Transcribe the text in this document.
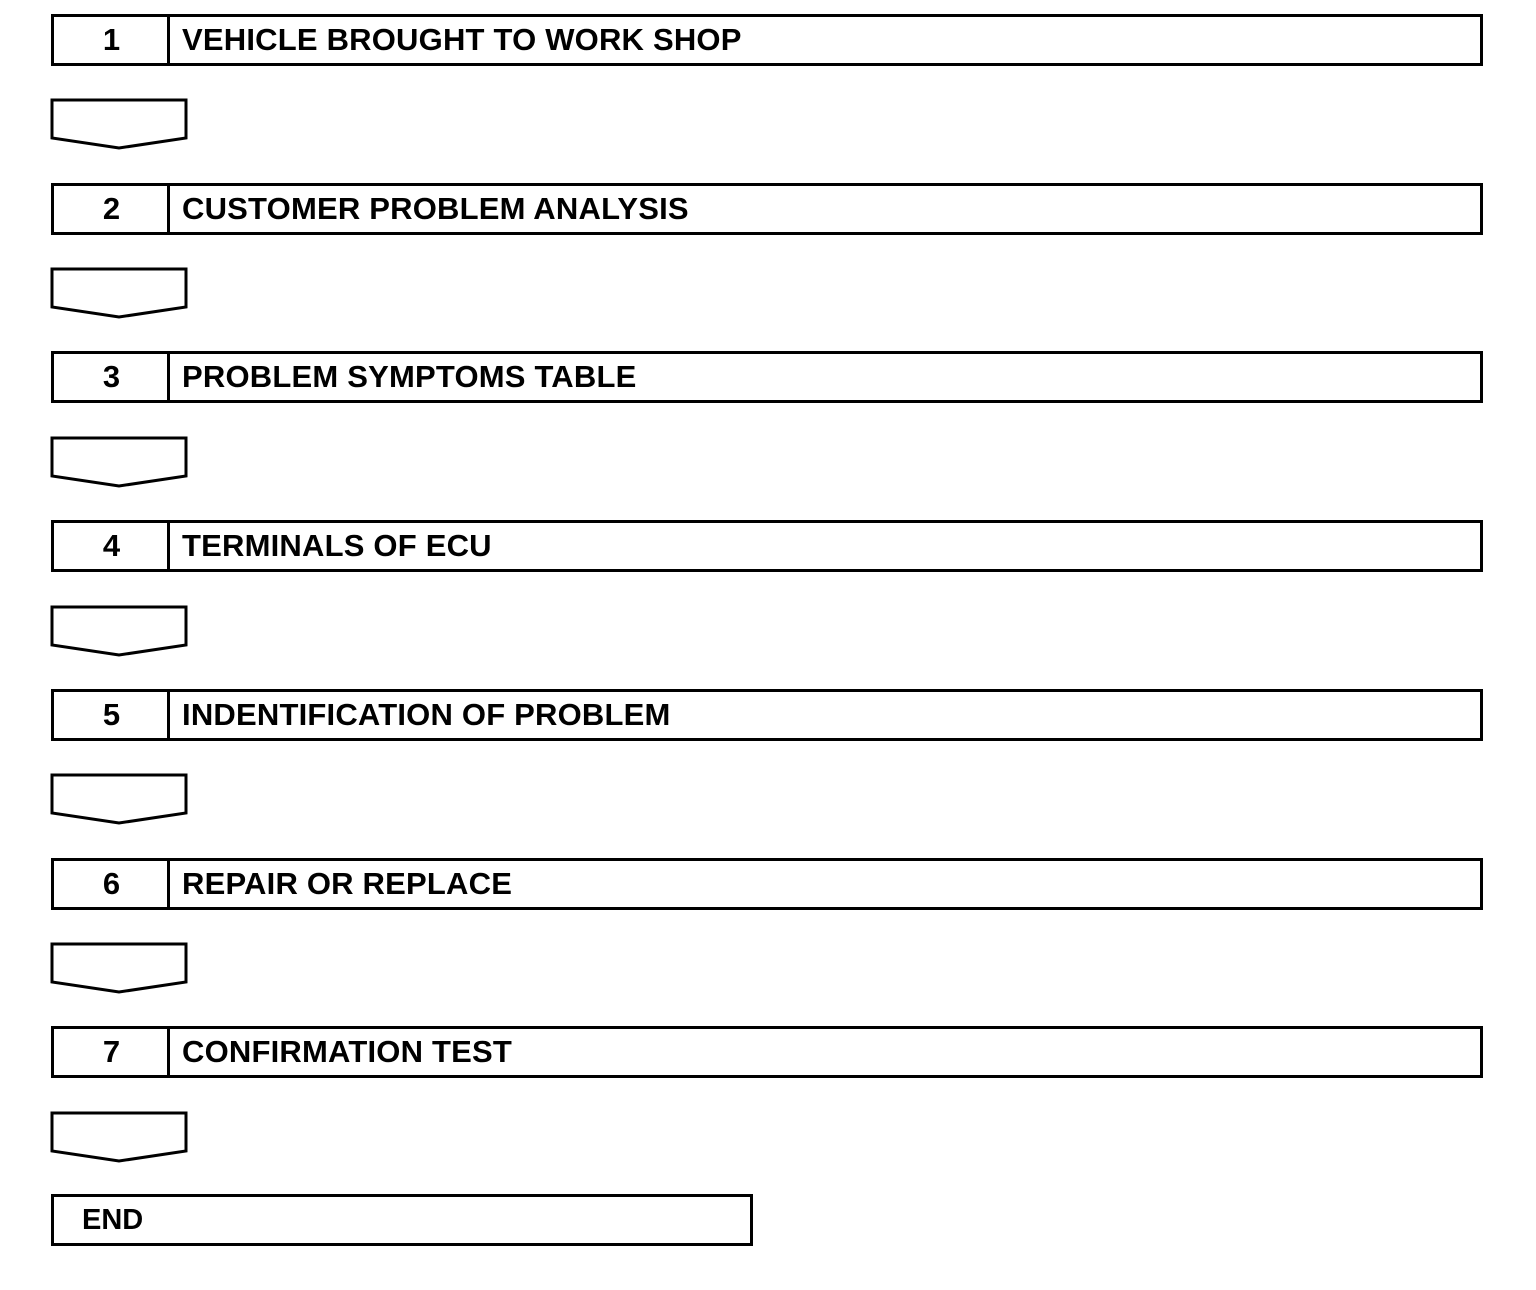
1	VEHICLE BROUGHT TO WORK SHOP
2	CUSTOMER PROBLEM ANALYSIS
3	PROBLEM SYMPTOMS TABLE
4	TERMINALS OF ECU
5	INDENTIFICATION OF PROBLEM
6	REPAIR OR REPLACE
7	CONFIRMATION TEST
END
